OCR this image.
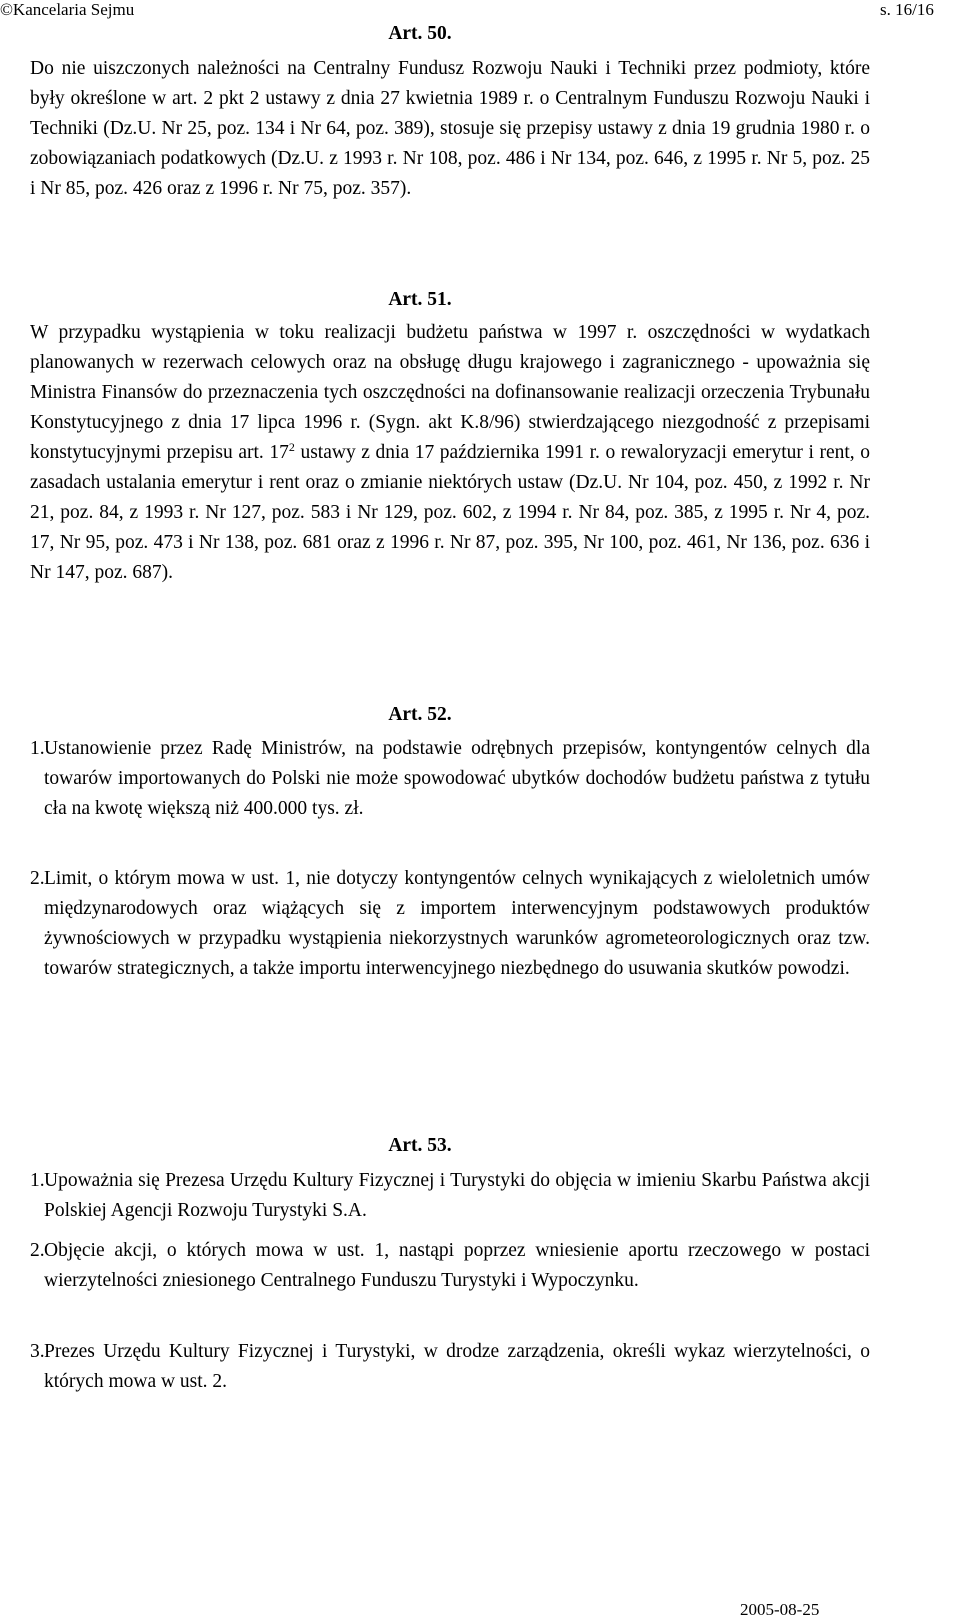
©Kancelaria Sejmu	s. 16/16
Art. 50.
Do nie uiszczonych należności na Centralny Fundusz Rozwoju Nauki i Techniki przez podmioty, które były określone w art. 2 pkt 2 ustawy z dnia 27 kwietnia 1989 r. o Centralnym Funduszu Rozwoju Nauki i Techniki (Dz.U. Nr 25, poz. 134 i Nr 64, poz. 389), stosuje się przepisy ustawy z dnia 19 grudnia 1980 r. o zobowiązaniach podatkowych (Dz.U. z 1993 r. Nr 108, poz. 486 i Nr 134, poz. 646, z 1995 r. Nr 5, poz. 25 i Nr 85, poz. 426 oraz z 1996 r. Nr 75, poz. 357).
Art. 51.
W przypadku wystąpienia w toku realizacji budżetu państwa w 1997 r. oszczędności w wydatkach planowanych w rezerwach celowych oraz na obsługę długu krajowego i zagranicznego - upoważnia się Ministra Finansów do przeznaczenia tych oszczędności na dofinansowanie realizacji orzeczenia Trybunału Konstytucyjnego z dnia 17 lipca 1996 r. (Sygn. akt K.8/96) stwierdzającego niezgodność z przepisami konstytucyjnymi przepisu art. $17^2$ ustawy z dnia 17 października 1991 r. o rewaloryzacji emerytur i rent, o zasadach ustalania emerytur i rent oraz o zmianie niektórych ustaw (Dz.U. Nr 104, poz. 450, z 1992 r. Nr 21, poz. 84, z 1993 r. Nr 127, poz. 583 i Nr 129, poz. 602, z 1994 r. Nr 84, poz. 385, z 1995 r. Nr 4, poz. 17, Nr 95, poz. 473 i Nr 138, poz. 681 oraz z 1996 r. Nr 87, poz. 395, Nr 100, poz. 461, Nr 136, poz. 636 i Nr 147, poz. 687).
Art. 52.
1. Ustanowienie przez Radę Ministrów, na podstawie odrębnych przepisów, kontyngentów celnych dla towarów importowanych do Polski nie może spowodować ubytków dochodów budżetu państwa z tytułu cła na kwotę większą niż 400.000 tys. zł.
2. Limit, o którym mowa w ust. 1, nie dotyczy kontyngentów celnych wynikających z wieloletnich umów międzynarodowych oraz wiążących się z importem interwencyjnym podstawowych produktów żywnościowych w przypadku wystąpienia niekorzystnych warunków agrometeorologicznych oraz tzw. towarów strategicznych, a także importu interwencyjnego niezbędnego do usuwania skutków powodzi.
Art. 53.
1. Upoważnia się Prezesa Urzędu Kultury Fizycznej i Turystyki do objęcia w imieniu Skarbu Państwa akcji Polskiej Agencji Rozwoju Turystyki S.A.
2. Objęcie akcji, o których mowa w ust. 1, nastąpi poprzez wniesienie aportu rzeczowego w postaci wierzytelności zniesionego Centralnego Funduszu Turystyki i Wypoczynku.
3. Prezes Urzędu Kultury Fizycznej i Turystyki, w drodze zarządzenia, określi wykaz wierzytelności, o których mowa w ust. 2.
2005-08-25
